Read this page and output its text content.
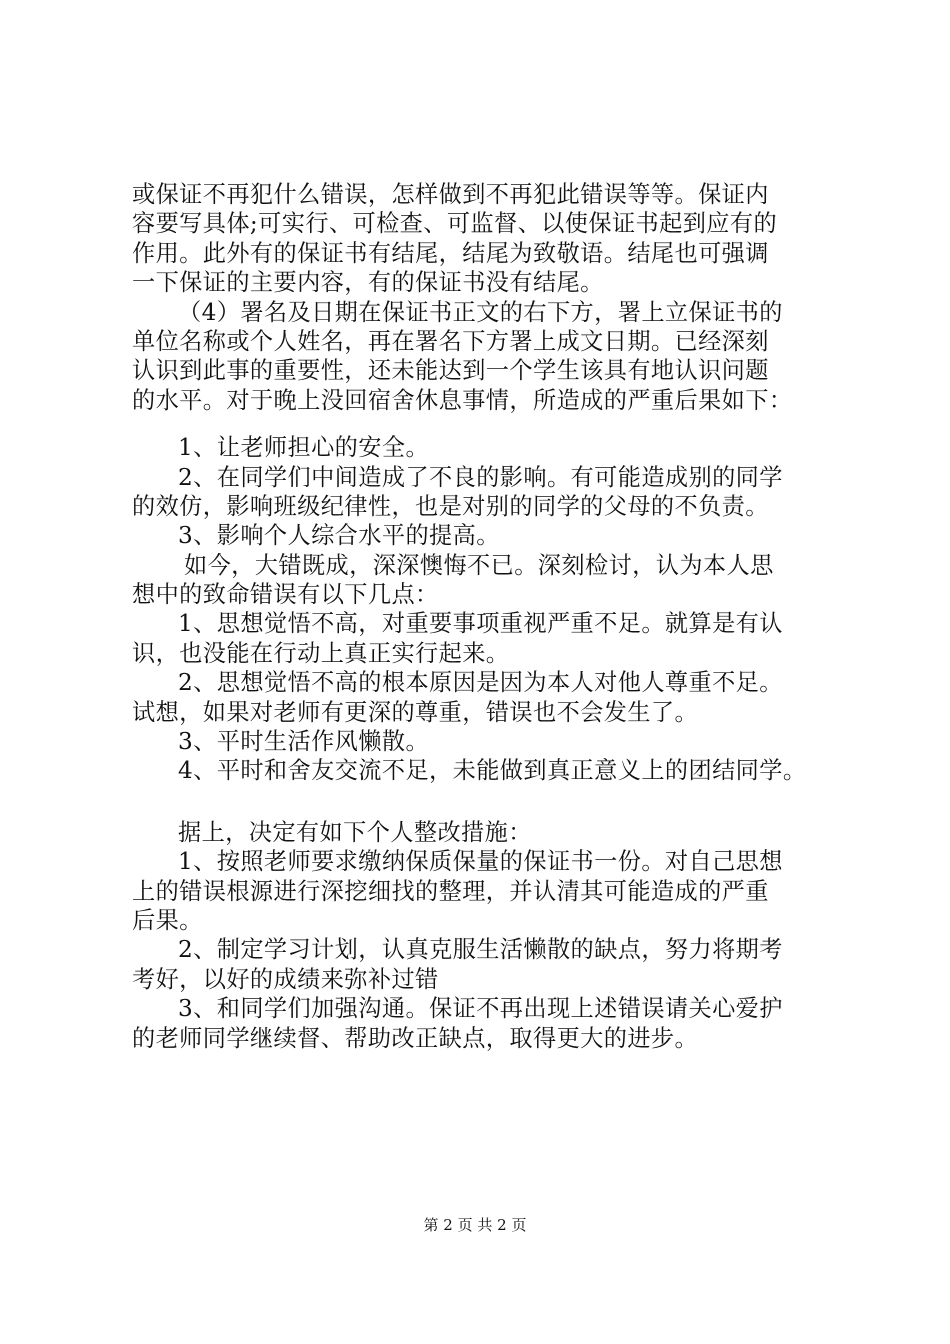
或保证不再犯什么错误，怎样做到不再犯此错误等等。保证内
容要写具体;可实行、可检查、可监督、以使保证书起到应有的
作用。此外有的保证书有结尾，结尾为致敬语。结尾也可强调
一下保证的主要内容，有的保证书没有结尾。
（4）署名及日期在保证书正文的右下方，署上立保证书的
单位名称或个人姓名，再在署名下方署上成文日期。已经深刻
认识到此事的重要性，还未能达到一个学生该具有地认识问题
的水平。对于晚上没回宿舍休息事情，所造成的严重后果如下：
1、让老师担心的安全。
2、在同学们中间造成了不良的影响。有可能造成别的同学
的效仿，影响班级纪律性，也是对别的同学的父母的不负责。
3、影响个人综合水平的提高。
如今，大错既成，深深懊悔不已。深刻检讨，认为本人思
想中的致命错误有以下几点：
1、思想觉悟不高，对重要事项重视严重不足。就算是有认
识，也没能在行动上真正实行起来。
2、思想觉悟不高的根本原因是因为本人对他人尊重不足。
试想，如果对老师有更深的尊重，错误也不会发生了。
3、平时生活作风懒散。
4、平时和舍友交流不足，未能做到真正意义上的团结同学。
据上，决定有如下个人整改措施：
1、按照老师要求缴纳保质保量的保证书一份。对自己思想
上的错误根源进行深挖细找的整理，并认清其可能造成的严重
后果。
2、制定学习计划，认真克服生活懒散的缺点，努力将期考
考好，以好的成绩来弥补过错
3、和同学们加强沟通。保证不再出现上述错误请关心爱护
的老师同学继续督、帮助改正缺点，取得更大的进步。
第 2 页 共 2 页
